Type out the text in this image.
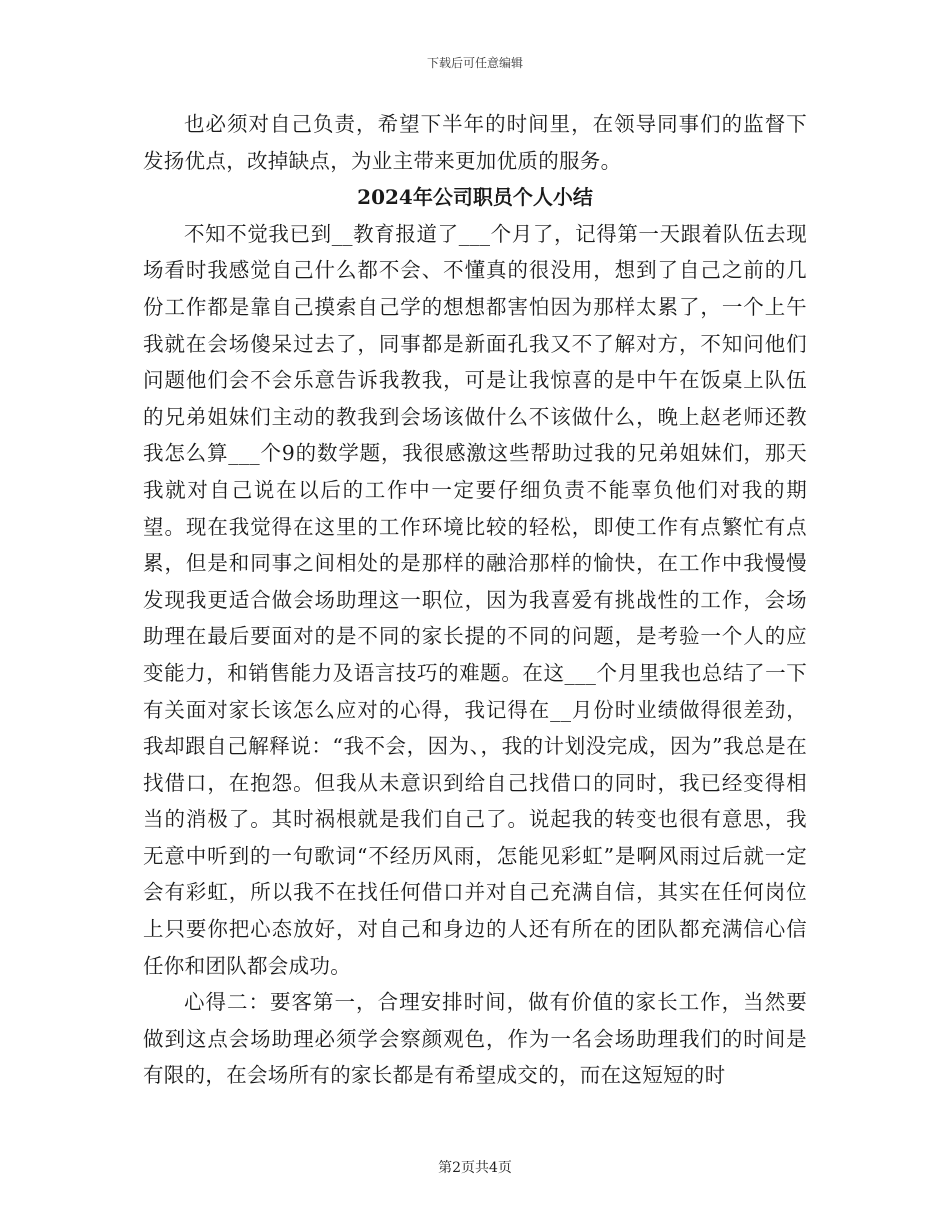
下载后可任意编辑

也必须对自己负责，希望下半年的时间里，在领导同事们的监督下发扬优点，改掉缺点，为业主带来更加优质的服务。

2024年公司职员个人小结

不知不觉我已到__教育报道了___个月了，记得第一天跟着队伍去现场看时我感觉自己什么都不会、不懂真的很没用，想到了自己之前的几份工作都是靠自己摸索自己学的想想都害怕因为那样太累了，一个上午我就在会场傻呆过去了，同事都是新面孔我又不了解对方，不知问他们问题他们会不会乐意告诉我教我，可是让我惊喜的是中午在饭桌上队伍的兄弟姐妹们主动的教我到会场该做什么不该做什么，晚上赵老师还教我怎么算___个9的数学题，我很感激这些帮助过我的兄弟姐妹们，那天我就对自己说在以后的工作中一定要仔细负责不能辜负他们对我的期望。现在我觉得在这里的工作环境比较的轻松，即使工作有点繁忙有点累，但是和同事之间相处的是那样的融洽那样的愉快，在工作中我慢慢发现我更适合做会场助理这一职位，因为我喜爱有挑战性的工作，会场助理在最后要面对的是不同的家长提的不同的问题，是考验一个人的应变能力，和销售能力及语言技巧的难题。在这___个月里我也总结了一下有关面对家长该怎么应对的心得，我记得在__月份时业绩做得很差劲，我却跟自己解释说：“我不会，因为、，我的计划没完成，因为”我总是在找借口，在抱怨。但我从未意识到给自己找借口的同时，我已经变得相当的消极了。其时祸根就是我们自己了。说起我的转变也很有意思，我无意中听到的一句歌词“不经历风雨，怎能见彩虹”是啊风雨过后就一定会有彩虹，所以我不在找任何借口并对自己充满自信，其实在任何岗位上只要你把心态放好，对自己和身边的人还有所在的团队都充满信心信任你和团队都会成功。

心得二：要客第一，合理安排时间，做有价值的家长工作，当然要做到这点会场助理必须学会察颜观色，作为一名会场助理我们的时间是有限的，在会场所有的家长都是有希望成交的，而在这短短的时

第2页共4页
